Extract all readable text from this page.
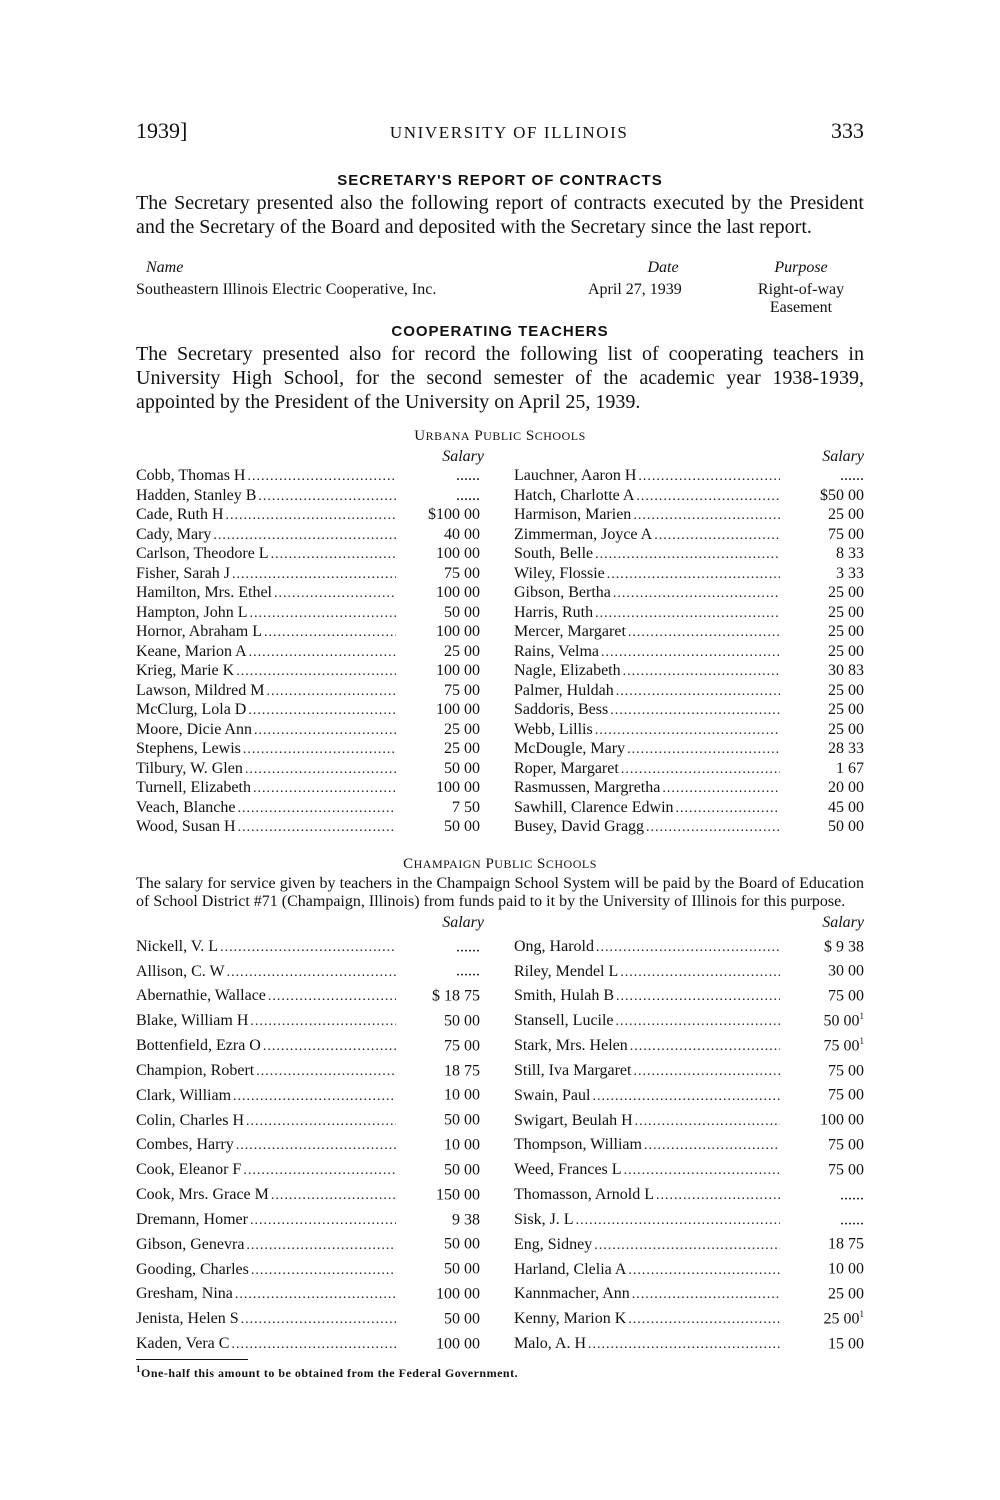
1939]	UNIVERSITY OF ILLINOIS	333
SECRETARY'S REPORT OF CONTRACTS

The Secretary presented also the following report of contracts executed by the President and the Secretary of the Board and deposited with the Secretary since the last report.

Name	Date	Purpose
Southeastern Illinois Electric Cooperative, Inc.	April 27, 1939	Right-of-way
Easement
COOPERATING TEACHERS

The Secretary presented also for record the following list of cooperating teachers in University High School, for the second semester of the academic year 1938-1939, appointed by the President of the University on April 25, 1939.

URBANA PUBLIC SCHOOLS
Salary	Salary
Cobb, Thomas H .....	......
Hadden, Stanley B .....	......
Cade, Ruth H .....	$100 00
Cady, Mary .....	40 00
Carlson, Theodore L .....	100 00
Fisher, Sarah J .....	75 00
Hamilton, Mrs. Ethel .....	100 00
Hampton, John L .....	50 00
Hornor, Abraham L .....	100 00
Keane, Marion A .....	25 00
Krieg, Marie K .....	100 00
Lawson, Mildred M .....	75 00
McClurg, Lola D .....	100 00
Moore, Dicie Ann .....	25 00
Stephens, Lewis .....	25 00
Tilbury, W. Glen .....	50 00
Turnell, Elizabeth .....	100 00
Veach, Blanche .....	7 50
Wood, Susan H .....	50 00
Lauchner, Aaron H .....	......
Hatch, Charlotte A .....	$50 00
Harmison, Marien .....	25 00
Zimmerman, Joyce A .....	75 00
South, Belle .....	8 33
Wiley, Flossie .....	3 33
Gibson, Bertha .....	25 00
Harris, Ruth .....	25 00
Mercer, Margaret .....	25 00
Rains, Velma .....	25 00
Nagle, Elizabeth .....	30 83
Palmer, Huldah .....	25 00
Saddoris, Bess .....	25 00
Webb, Lillis .....	25 00
McDougle, Mary .....	28 33
Roper, Margaret .....	1 67
Rasmussen, Margretha .....	20 00
Sawhill, Clarence Edwin .....	45 00
Busey, David Gragg .....	50 00
CHAMPAIGN PUBLIC SCHOOLS

The salary for service given by teachers in the Champaign School System will be paid by the Board of Education of School District #71 (Champaign, Illinois) from funds paid to it by the University of Illinois for this purpose.

Salary	Salary
Nickell, V. L .....	......
Allison, C. W .....	......
Abernathie, Wallace .....	$ 18 75
Blake, William H .....	50 00
Bottenfield, Ezra O .....	75 00
Champion, Robert .....	18 75
Clark, William .....	10 00
Colin, Charles H .....	50 00
Combes, Harry .....	10 00
Cook, Eleanor F .....	50 00
Cook, Mrs. Grace M .....	150 00
Dremann, Homer .....	9 38
Gibson, Genevra .....	50 00
Gooding, Charles .....	50 00
Gresham, Nina .....	100 00
Jenista, Helen S .....	50 00
Kaden, Vera C .....	100 00
Ong, Harold .....	$ 9 38
Riley, Mendel L .....	30 00
Smith, Hulah B .....	75 00
Stansell, Lucile .....	50 $00^1$
Stark, Mrs. Helen .....	75 $00^1$
Still, Iva Margaret .....	75 00
Swain, Paul .....	75 00
Swigart, Beulah H .....	100 00
Thompson, William .....	75 00
Weed, Frances L .....	75 00
Thomasson, Arnold L .....	......
Sisk, J. L .....	......
Eng, Sidney .....	18 75
Harland, Clelia A .....	10 00
Kannmacher, Ann .....	25 00
Kenny, Marion K .....	25 $00^1$
Malo, A. H .....	15 00
$^1$One-half this amount to be obtained from the Federal Government.
